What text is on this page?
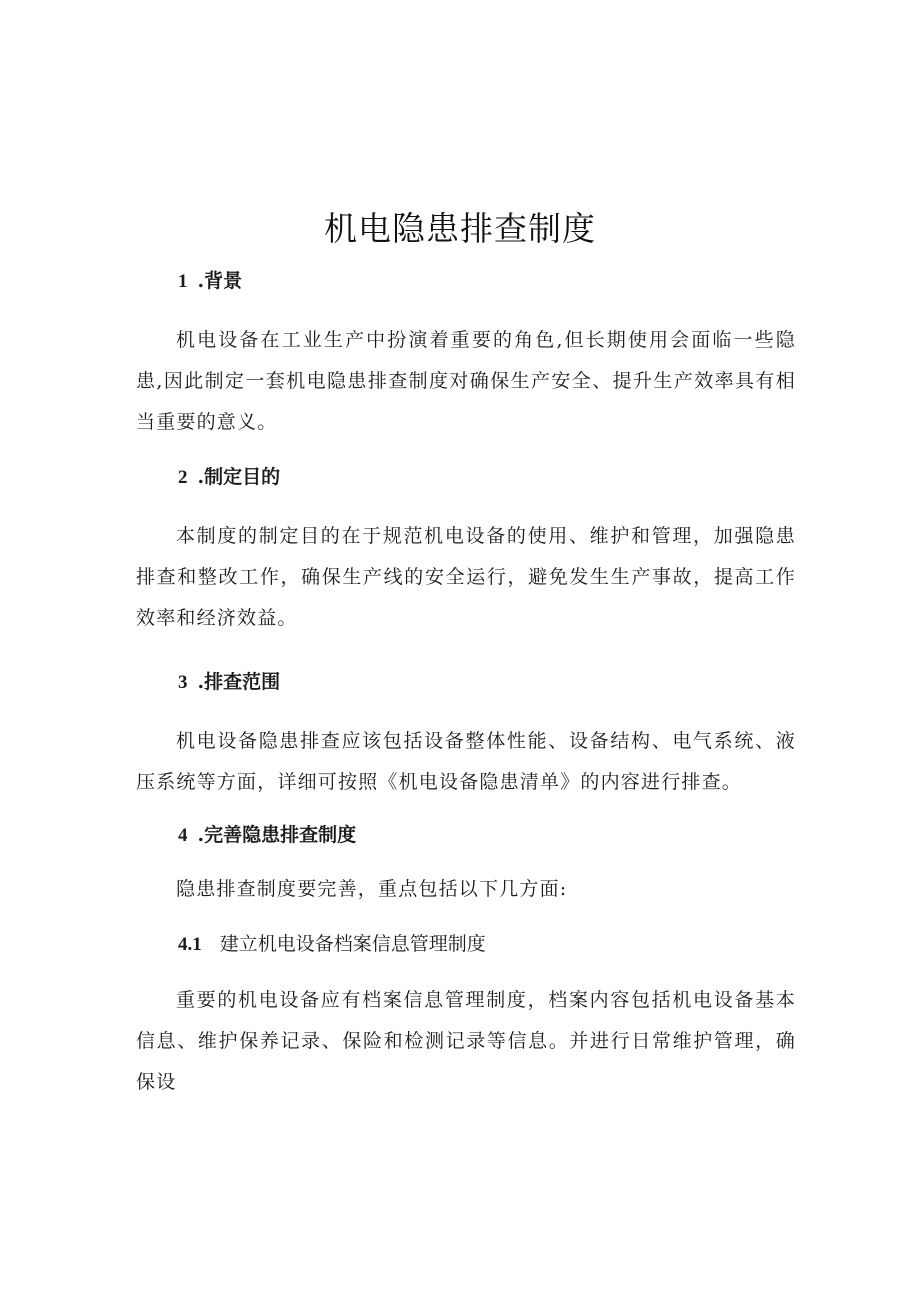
机电隐患排查制度
1 .背景
机电设备在工业生产中扮演着重要的角色,但长期使用会面临一些隐患,因此制定一套机电隐患排查制度对确保生产安全、提升生产效率具有相当重要的意义。
2 .制定目的
本制度的制定目的在于规范机电设备的使用、维护和管理，加强隐患排查和整改工作，确保生产线的安全运行，避免发生生产事故，提高工作效率和经济效益。
3 .排查范围
机电设备隐患排查应该包括设备整体性能、设备结构、电气系统、液压系统等方面，详细可按照《机电设备隐患清单》的内容进行排查。
4 .完善隐患排查制度
隐患排查制度要完善，重点包括以下几方面:
4.1 建立机电设备档案信息管理制度
重要的机电设备应有档案信息管理制度，档案内容包括机电设备基本信息、维护保养记录、保险和检测记录等信息。并进行日常维护管理，确保设
